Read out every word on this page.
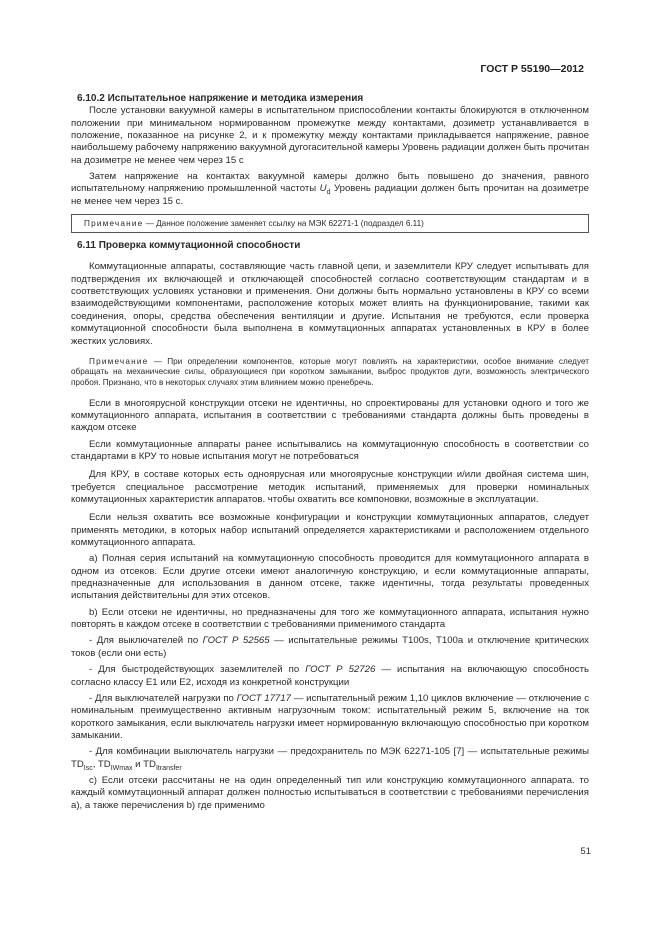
ГОСТ Р 55190—2012

6.10.2 Испытательное напряжение и методика измерения

После установки вакуумной камеры в испытательном приспособлении контакты блокируются в отключенном положении при минимальном нормированном промежутке между контактами, дозиметр устанавливается в положение, показанное на рисунке 2, и к промежутку между контактами прикладывается напряжение, равное наибольшему рабочему напряжению вакуумной дугогасительной камеры Уровень радиации должен быть прочитан на дозиметре не менее чем через 15 с

Затем напряжение на контактах вакуумной камеры должно быть повышено до значения, равного испытательному напряжению промышленной частоты $U_d$ Уровень радиации должен быть прочитан на дозиметре не менее чем через 15 с.

Примечание — Данное положение заменяет ссылку на МЭК 62271-1 (подраздел 6.11)

6.11 Проверка коммутационной способности

Коммутационные аппараты, составляющие часть главной цепи, и заземлители КРУ следует испытывать для подтверждения их включающей и отключающей способностей согласно соответствующим стандартам и в соответствующих условиях установки и применения. Они должны быть нормально установлены в КРУ со всеми взаимодействующими компонентами, расположение которых может влиять на функционирование, такими как соединения, опоры, средства обеспечения вентиляции и другие. Испытания не требуются, если проверка коммутационной способности была выполнена в коммутационных аппаратах установленных в КРУ в более жестких условиях.

Примечание — При определении компонентов, которые могут повлиять на характеристики, особое внимание следует обращать на механические силы, образующиеся при коротком замыкании, выброс продуктов дуги, возможность электрического пробоя. Признано, что в некоторых случаях этим влиянием можно пренебречь.

Если в многоярусной конструкции отсеки не идентичны, но спроектированы для установки одного и того же коммутационного аппарата, испытания в соответствии с требованиями стандарта должны быть проведены в каждом отсеке

Если коммутационные аппараты ранее испытывались на коммутационную способность в соответствии со стандартами в КРУ то новые испытания могут не потребоваться

Для КРУ, в составе которых есть одноярусная или многоярусные конструкции и/или двойная система шин, требуется специальное рассмотрение методик испытаний, применяемых для проверки номинальных коммутационных характеристик аппаратов. чтобы охватить все компоновки, возможные в эксплуатации.

Если нельзя охватить все возможные конфигурации и конструкции коммутационных аппаратов, следует применять методики, в которых набор испытаний определяется характеристиками и расположением отдельного коммутационного аппарата.

а) Полная серия испытаний на коммутационную способность проводится для коммутационного аппарата в одном из отсеков. Если другие отсеки имеют аналогичную конструкцию, и если коммутационные аппараты, предназначенные для использования в данном отсеке, также идентичны, тогда результаты проведенных испытания действительны для этих отсеков.

b) Если отсеки не идентичны, но предназначены для того же коммутационного аппарата, испытания нужно повторять в каждом отсеке в соответствии с требованиями применимого стандарта

- Для выключателей по ГОСТ Р 52565 — испытательные режимы Т100s, Т100а и отключение критических токов (если они есть)

- Для быстродействующих заземлителей по ГОСТ Р 52726 — испытания на включающую способность согласно классу Е1 или Е2, исходя из конкретной конструкции

- Для выключателей нагрузки по ГОСТ 17717 — испытательный режим 1,10 циклов включение — отключение с номинальным преимущественно активным нагрузочным током: испытательный режим 5, включение на ток короткого замыкания, если выключатель нагрузки имеет нормированную включающую способностью при коротком замыкании.

- Для комбинации выключатель нагрузки — предохранитель по МЭК 62271-105 [7] — испытательные режимы $TD_{Isc}$, $TD_{IWmax}$ и $TD_{Itransfer}$

c) Если отсеки рассчитаны не на один определенный тип или конструкцию коммутационного аппарата. то каждый коммутационный аппарат должен полностью испытываться в соответствии с требованиями перечисления а), а также перечисления b) где применимо

51
